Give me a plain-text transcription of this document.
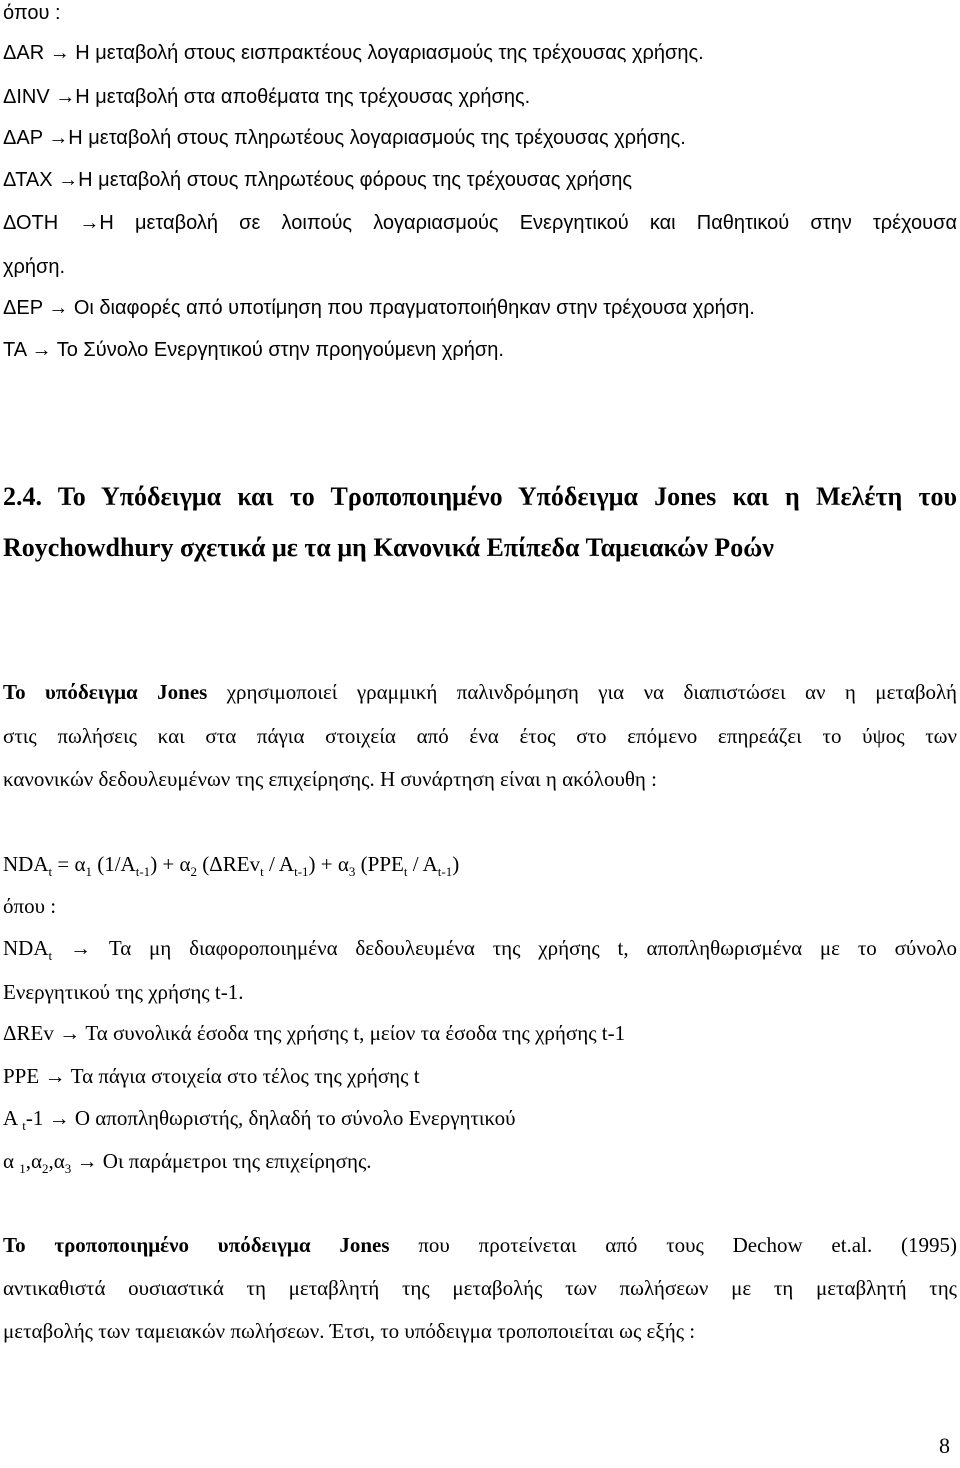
όπου :
ΔAR → Η μεταβολή στους εισπρακτέους λογαριασμούς της τρέχουσας χρήσης.
ΔINV →Η μεταβολή στα αποθέματα της τρέχουσας χρήσης.
ΔAP →Η μεταβολή στους πληρωτέους λογαριασμούς της τρέχουσας χρήσης.
ΔΤΑΧ →Η μεταβολή στους πληρωτέους φόρους της τρέχουσας χρήσης
ΔΟΤΗ →Η μεταβολή σε λοιπούς λογαριασμούς Ενεργητικού και Παθητικού στην τρέχουσα
χρήση.
ΔΕΡ → Οι διαφορές από υποτίμηση που πραγματοποιήθηκαν στην τρέχουσα χρήση.
ΤΑ → Το Σύνολο Ενεργητικού στην προηγούμενη χρήση.
2.4. Το Υπόδειγμα και το Τροποποιημένο Υπόδειγμα Jones και η Μελέτη του
Roychowdhury σχετικά με τα μη Κανονικά Επίπεδα Ταμειακών Ροών
Το υπόδειγμα Jones χρησιμοποιεί γραμμική παλινδρόμηση για να διαπιστώσει αν η μεταβολή
στις πωλήσεις και στα πάγια στοιχεία από ένα έτος στο επόμενο επηρεάζει το ύψος των
κανονικών δεδουλευμένων της επιχείρησης. Η συνάρτηση είναι η ακόλουθη :
$NDA_t = \alpha_1$ $(1/A_{t-1}) + \alpha_2$ $(\Delta REv_t / A_{t-1}) + \alpha_3$ $(PPE_t / A_{t-1})$
όπου :
$NDA_t \to T\alpha$ μη διαφοροποιημένα δεδουλευμένα της χρήσης t, αποπληθωρισμένα με το σύνολο
Ενεργητικού της χρήσης t-1.
ΔREv → Τα συνολικά έσοδα της χρήσης t, μείον τα έσοδα της χρήσης t-1
PPE → Τα πάγια στοιχεία στο τέλος της χρήσης t
A $_t$-1 → Ο αποπληθωριστής, δηλαδή το σύνολο Ενεργητικού
α $_1,\alpha_2,\alpha_3 \to O\iota$ παράμετροι της επιχείρησης.
Το τροποποιημένο υπόδειγμα Jones που προτείνεται από τους Dechow et.al. (1995)
αντικαθιστά ουσιαστικά τη μεταβλητή της μεταβολής των πωλήσεων με τη μεταβλητή της
μεταβολής των ταμειακών πωλήσεων. Έτσι, το υπόδειγμα τροποποιείται ως εξής :
8
